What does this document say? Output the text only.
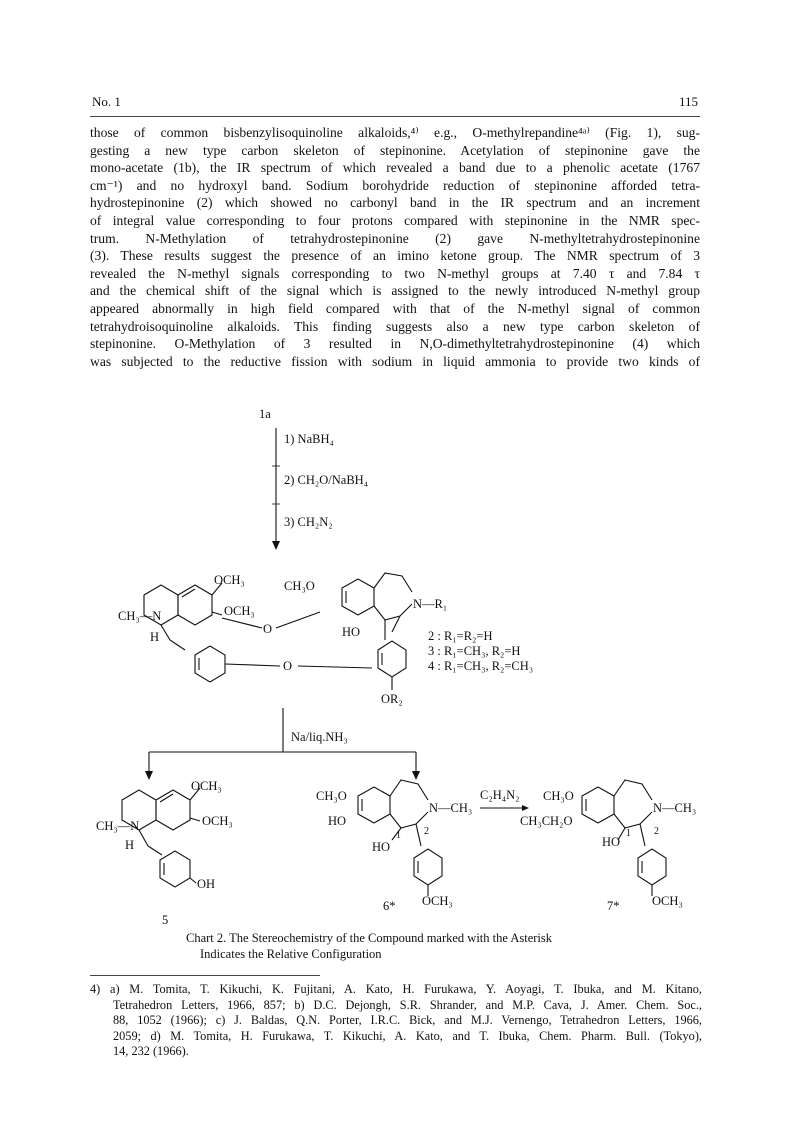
No. 1	115
those of common bisbenzylisoquinoline alkaloids,⁴⁾ e.g., O-methylrepandine⁴ᵃ⁾ (Fig. 1), sug-
gesting a new type carbon skeleton of stepinonine. Acetylation of stepinonine gave the
mono-acetate (1b), the IR spectrum of which revealed a band due to a phenolic acetate (1767
cm⁻¹) and no hydroxyl band. Sodium borohydride reduction of stepinonine afforded tetra-
hydrostepinonine (2) which showed no carbonyl band in the IR spectrum and an increment
of integral value corresponding to four protons compared with stepinonine in the NMR spec-
trum. N-Methylation of tetrahydrostepinonine (2) gave N-methyltetrahydrostepinonine
(3). These results suggest the presence of an imino ketone group. The NMR spectrum of 3
revealed the N-methyl signals corresponding to two N-methyl groups at 7.40 τ and 7.84 τ
and the chemical shift of the signal which is assigned to the newly introduced N-methyl group
appeared abnormally in high field compared with that of the N-methyl signal of common
tetrahydroisoquinoline alkaloids. This finding suggests also a new type carbon skeleton of
stepinonine. O-Methylation of 3 resulted in N,O-dimethyltetrahydrostepinonine (4) which
was subjected to the reductive fission with sodium in liquid ammonia to provide two kinds of
1a
1) NaBH₄
2) CH₂O/NaBH₄
3) CH₂N₂
OCH₃
OCH₃
CH₃—N
H
O
O
CH₃O
N—R₁
HO
OR₂
2 : R₁=R₂=H
3 : R₁=CH₃, R₂=H
4 : R₁=CH₃, R₂=CH₃
Na/liq.NH₃
OCH₃
OCH₃
CH₃—N
H
OH
5
CH₃O
HO
N—CH₃
HO
1 2
OCH₃
6*
C₂H₄N₂ CH₃O
CH₃CH₂O
N—CH₃
HO
1 2
OCH₃
7*
Chart 2. The Stereochemistry of the Compound marked with the Asterisk
Indicates the Relative Configuration
4) a) M. Tomita, T. Kikuchi, K. Fujitani, A. Kato, H. Furukawa, Y. Aoyagi, T. Ibuka, and M. Kitano,
Tetrahedron Letters, 1966, 857; b) D.C. Dejongh, S.R. Shrander, and M.P. Cava, J. Amer. Chem. Soc.,
88, 1052 (1966); c) J. Baldas, Q.N. Porter, I.R.C. Bick, and M.J. Vernengo, Tetrahedron Letters, 1966,
2059; d) M. Tomita, H. Furukawa, T. Kikuchi, A. Kato, and T. Ibuka, Chem. Pharm. Bull. (Tokyo),
14, 232 (1966).
